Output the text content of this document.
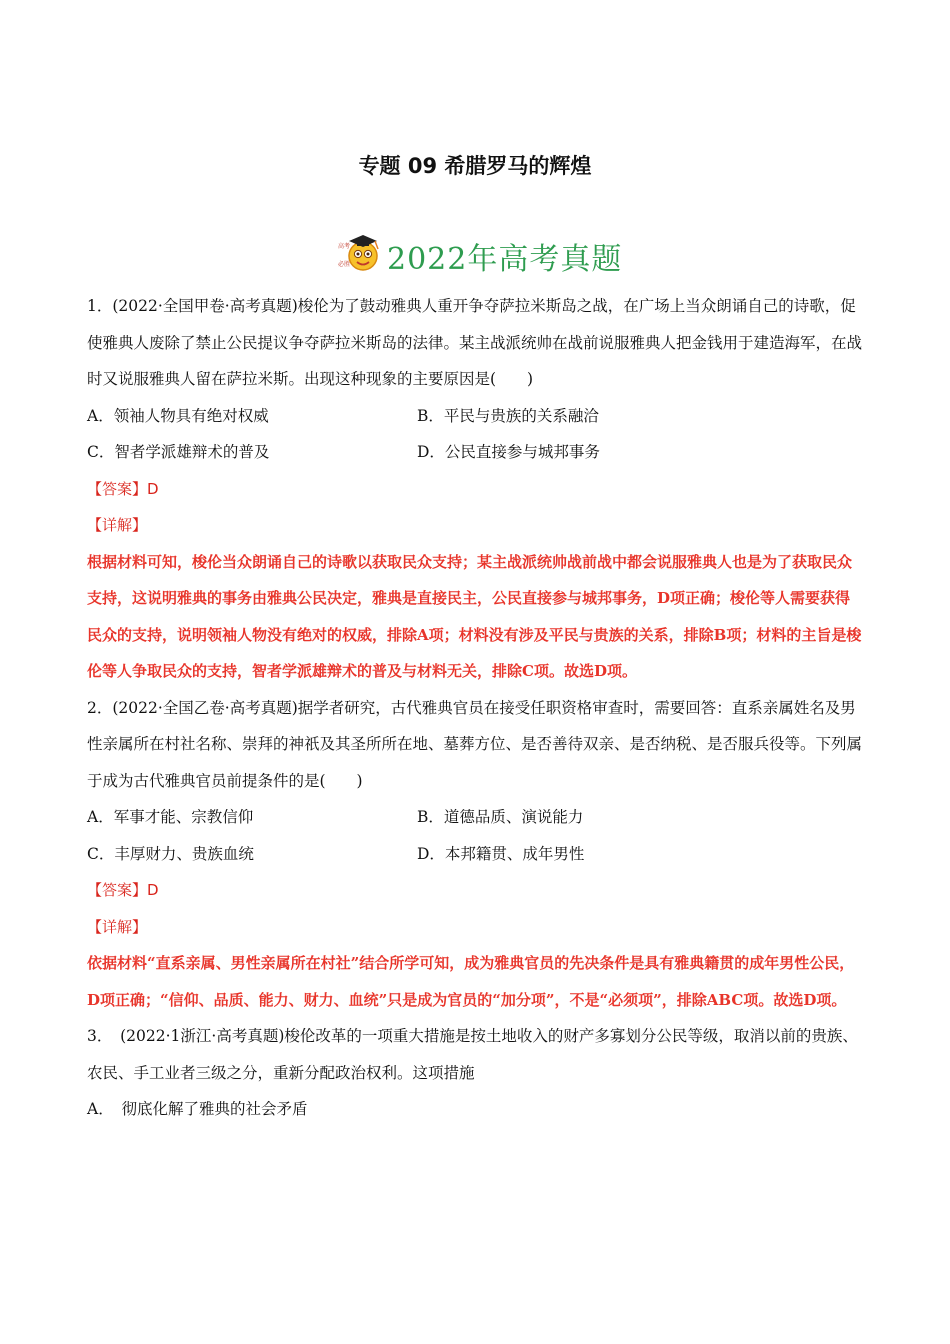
专题 09 希腊罗马的辉煌
高考
必胜 2022年高考真题

1．(2022·全国甲卷·高考真题)梭伦为了鼓动雅典人重开争夺萨拉米斯岛之战，在广场上当众朗诵自己的诗歌，促使雅典人废除了禁止公民提议争夺萨拉米斯岛的法律。某主战派统帅在战前说服雅典人把金钱用于建造海军，在战时又说服雅典人留在萨拉米斯。出现这种现象的主要原因是(　　)

A．领袖人物具有绝对权威	B．平民与贵族的关系融洽
C．智者学派雄辩术的普及	D．公民直接参与城邦事务

【答案】D

【详解】

根据材料可知，梭伦当众朗诵自己的诗歌以获取民众支持；某主战派统帅战前战中都会说服雅典人也是为了获取民众支持，这说明雅典的事务由雅典公民决定，雅典是直接民主，公民直接参与城邦事务，D项正确；梭伦等人需要获得民众的支持，说明领袖人物没有绝对的权威，排除A项；材料没有涉及平民与贵族的关系，排除B项；材料的主旨是梭伦等人争取民众的支持，智者学派雄辩术的普及与材料无关，排除C项。故选D项。

2．(2022·全国乙卷·高考真题)据学者研究，古代雅典官员在接受任职资格审查时，需要回答：直系亲属姓名及男性亲属所在村社名称、崇拜的神祇及其圣所所在地、墓葬方位、是否善待双亲、是否纳税、是否服兵役等。下列属于成为古代雅典官员前提条件的是(　　)

A．军事才能、宗教信仰	B．道德品质、演说能力
C．丰厚财力、贵族血统	D．本邦籍贯、成年男性

【答案】D

【详解】

依据材料“直系亲属、男性亲属所在村社”结合所学可知，成为雅典官员的先决条件是具有雅典籍贯的成年男性公民，D项正确；“信仰、品质、能力、财力、血统”只是成为官员的“加分项”，不是“必须项”，排除ABC项。故选D项。

3．　(2022·1浙江·高考真题)梭伦改革的一项重大措施是按土地收入的财产多寡划分公民等级，取消以前的贵族、农民、手工业者三级之分，重新分配政治权利。这项措施

A．　彻底化解了雅典的社会矛盾
